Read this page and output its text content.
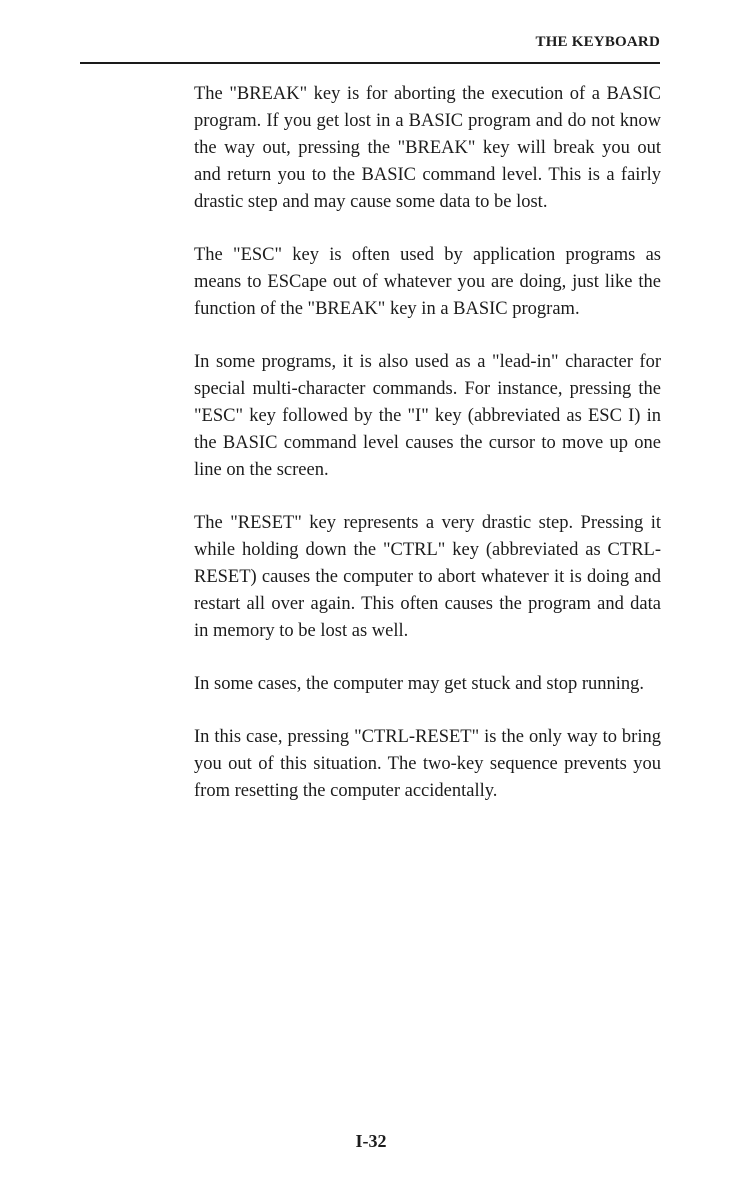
THE KEYBOARD

The "BREAK" key is for aborting the execution of a BASIC program. If you get lost in a BASIC program and do not know the way out, pressing the "BREAK" key will break you out and return you to the BASIC command level. This is a fairly drastic step and may cause some data to be lost.

The "ESC" key is often used by application programs as means to ESCape out of whatever you are doing, just like the function of the "BREAK" key in a BASIC program.

In some programs, it is also used as a "lead-in" character for special multi-character commands. For instance, pressing the "ESC" key followed by the "I" key (abbreviated as ESC I) in the BASIC command level causes the cursor to move up one line on the screen.

The "RESET" key represents a very drastic step. Pressing it while holding down the "CTRL" key (abbreviated as CTRL-RESET) causes the computer to abort whatever it is doing and restart all over again. This often causes the program and data in memory to be lost as well.

In some cases, the computer may get stuck and stop running.

In this case, pressing "CTRL-RESET" is the only way to bring you out of this situation. The two-key sequence prevents you from resetting the computer accidentally.

I-32
